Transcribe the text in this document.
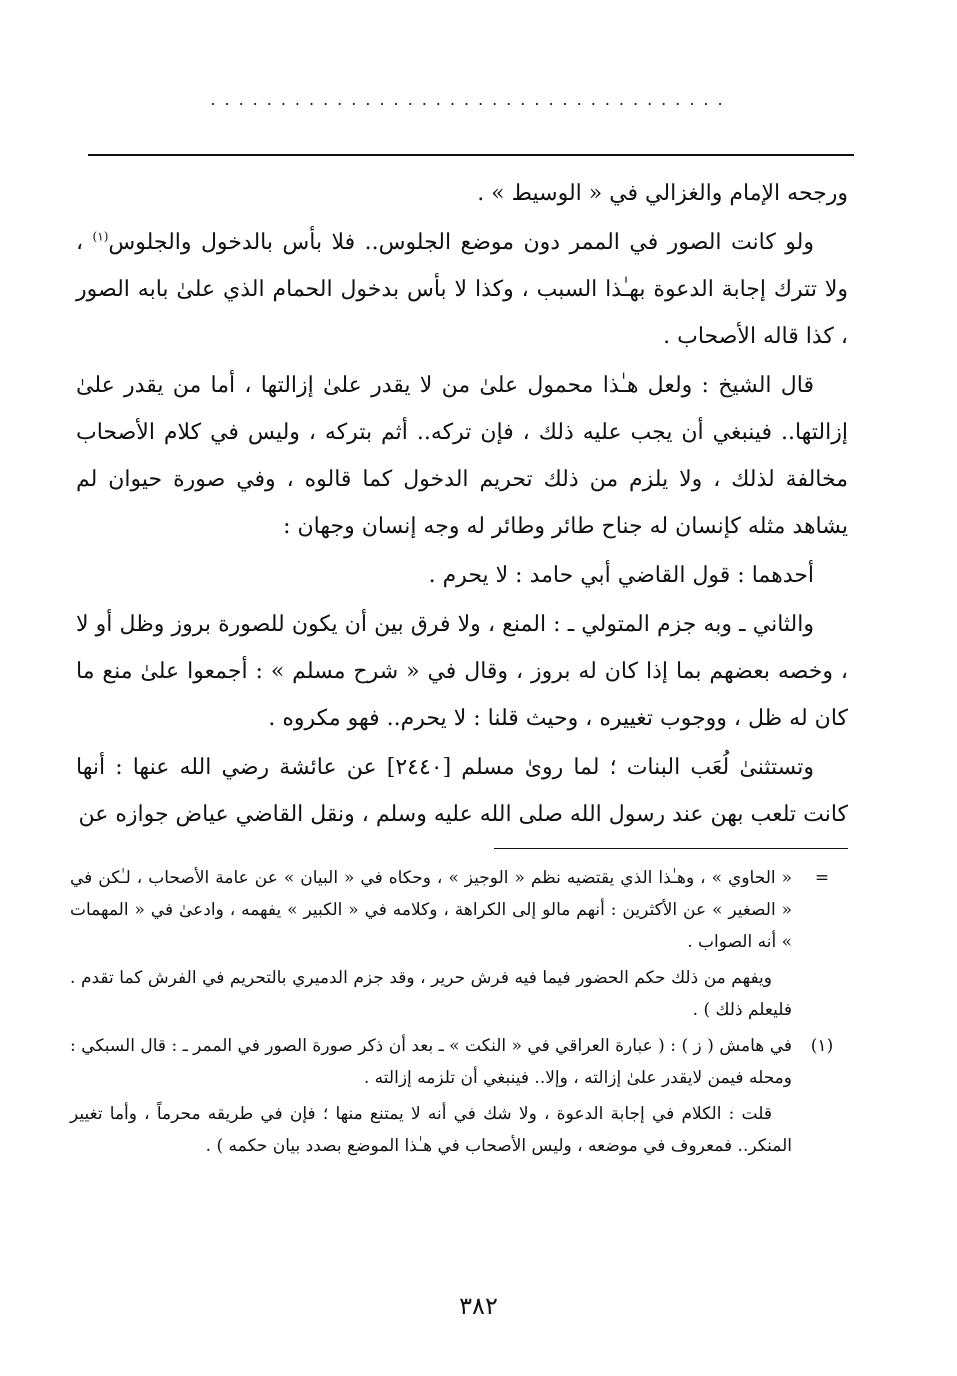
.....................................

ورجحه الإمام والغزالي في « الوسيط » .

ولو كانت الصور في الممر دون موضع الجلوس.. فلا بأس بالدخول والجلوس$^{(١)}$ ، ولا تترك إجابة الدعوة بهـٰذا السبب ، وكذا لا بأس بدخول الحمام الذي علىٰ بابه الصور ، كذا قاله الأصحاب .

قال الشيخ : ولعل هـٰذا محمول علىٰ من لا يقدر علىٰ إزالتها ، أما من يقدر علىٰ إزالتها.. فينبغي أن يجب عليه ذلك ، فإن تركه.. أثم بتركه ، وليس في كلام الأصحاب مخالفة لذلك ، ولا يلزم من ذلك تحريم الدخول كما قالوه ، وفي صورة حيوان لم يشاهد مثله كإنسان له جناح طائر وطائر له وجه إنسان وجهان :

أحدهما : قول القاضي أبي حامد : لا يحرم .

والثاني ـ وبه جزم المتولي ـ : المنع ، ولا فرق بين أن يكون للصورة بروز وظل أو لا ، وخصه بعضهم بما إذا كان له بروز ، وقال في « شرح مسلم » : أجمعوا علىٰ منع ما كان له ظل ، ووجوب تغييره ، وحيث قلنا : لا يحرم.. فهو مكروه .

وتستثنىٰ لُعَب البنات ؛ لما روىٰ مسلم [٢٤٤٠] عن عائشة رضي الله عنها : أنها كانت تلعب بهن عند رسول الله صلى الله عليه وسلم ، ونقل القاضي عياض جوازه عن

=

« الحاوي » ، وهـٰذا الذي يقتضيه نظم « الوجيز » ، وحكاه في « البيان » عن عامة الأصحاب ، لـٰكن في « الصغير » عن الأكثرين : أنهم مالو إلى الكراهة ، وكلامه في « الكبير » يفهمه ، وادعىٰ في « المهمات » أنه الصواب .

ويفهم من ذلك حكم الحضور فيما فيه فرش حرير ، وقد جزم الدميري بالتحريم في الفرش كما تقدم . فليعلم ذلك ) .

(١)

في هامش ( ز ) : ( عبارة العراقي في « النكت » ـ بعد أن ذكر صورة الصور في الممر ـ : قال السبكي : ومحله فيمن لايقدر علىٰ إزالته ، وإلا.. فينبغي أن تلزمه إزالته .

قلت : الكلام في إجابة الدعوة ، ولا شك في أنه لا يمتنع منها ؛ فإن في طريقه محرماً ، وأما تغيير المنكر.. فمعروف في موضعه ، وليس الأصحاب في هـٰذا الموضع بصدد بيان حكمه ) .

٣٨٢
